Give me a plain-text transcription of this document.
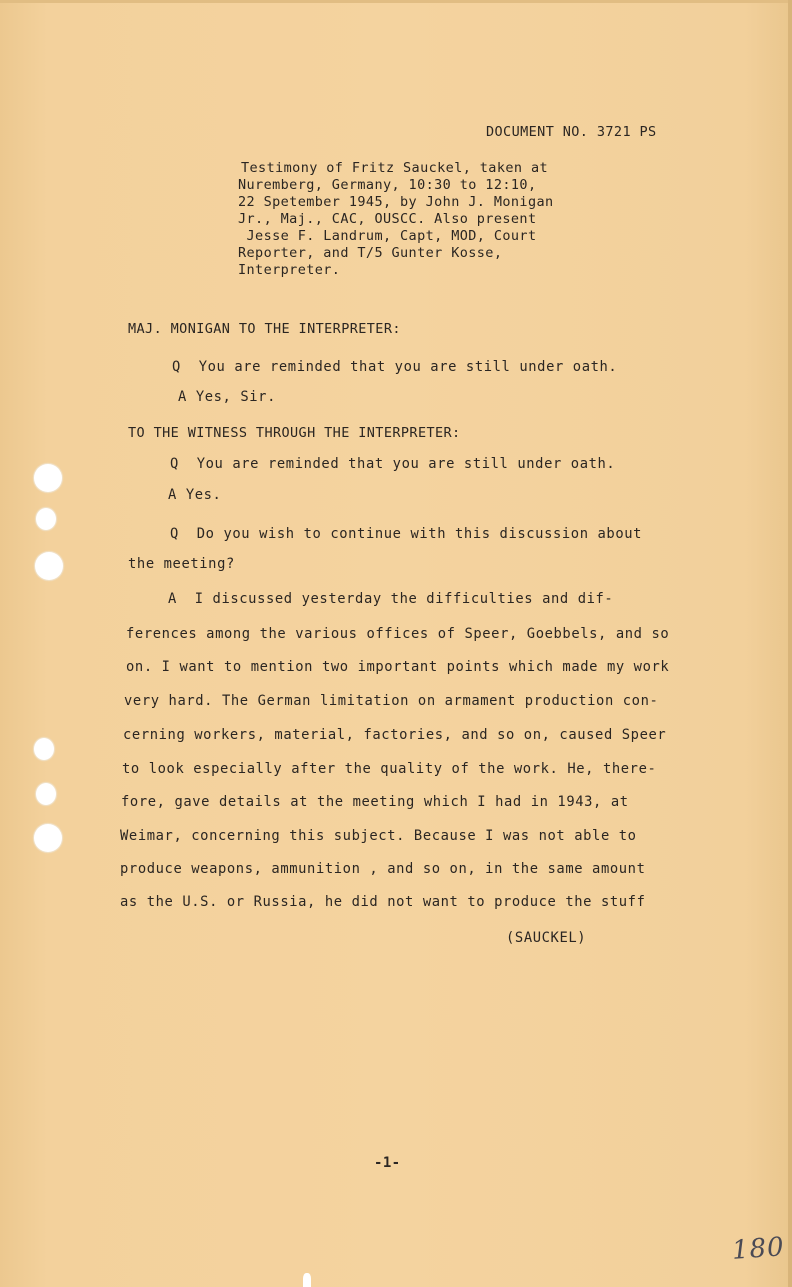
DOCUMENT NO. 3721 PS

Testimony of Fritz Sauckel, taken at

Nuremberg, Germany, 10:30 to 12:10,

22 Spetember 1945, by John J. Monigan

Jr., Maj., CAC, OUSCC. Also present

Jesse F. Landrum, Capt, MOD, Court

Reporter, and T/5 Gunter Kosse,

Interpreter.

MAJ. MONIGAN TO THE INTERPRETER:

Q  You are reminded that you are still under oath.

A Yes, Sir.

TO THE WITNESS THROUGH THE INTERPRETER:

Q  You are reminded that you are still under oath.

A Yes.

Q  Do you wish to continue with this discussion about

the meeting?

A  I discussed yesterday the difficulties and dif-

ferences among the various offices of Speer, Goebbels, and so

on. I want to mention two important points which made my work

very hard. The German limitation on armament production con-

cerning workers, material, factories, and so on, caused Speer

to look especially after the quality of the work. He, there-

fore, gave details at the meeting which I had in 1943, at

Weimar, concerning this subject. Because I was not able to

produce weapons, ammunition , and so on, in the same amount

as the U.S. or Russia, he did not want to produce the stuff

(SAUCKEL)

-1-

180
